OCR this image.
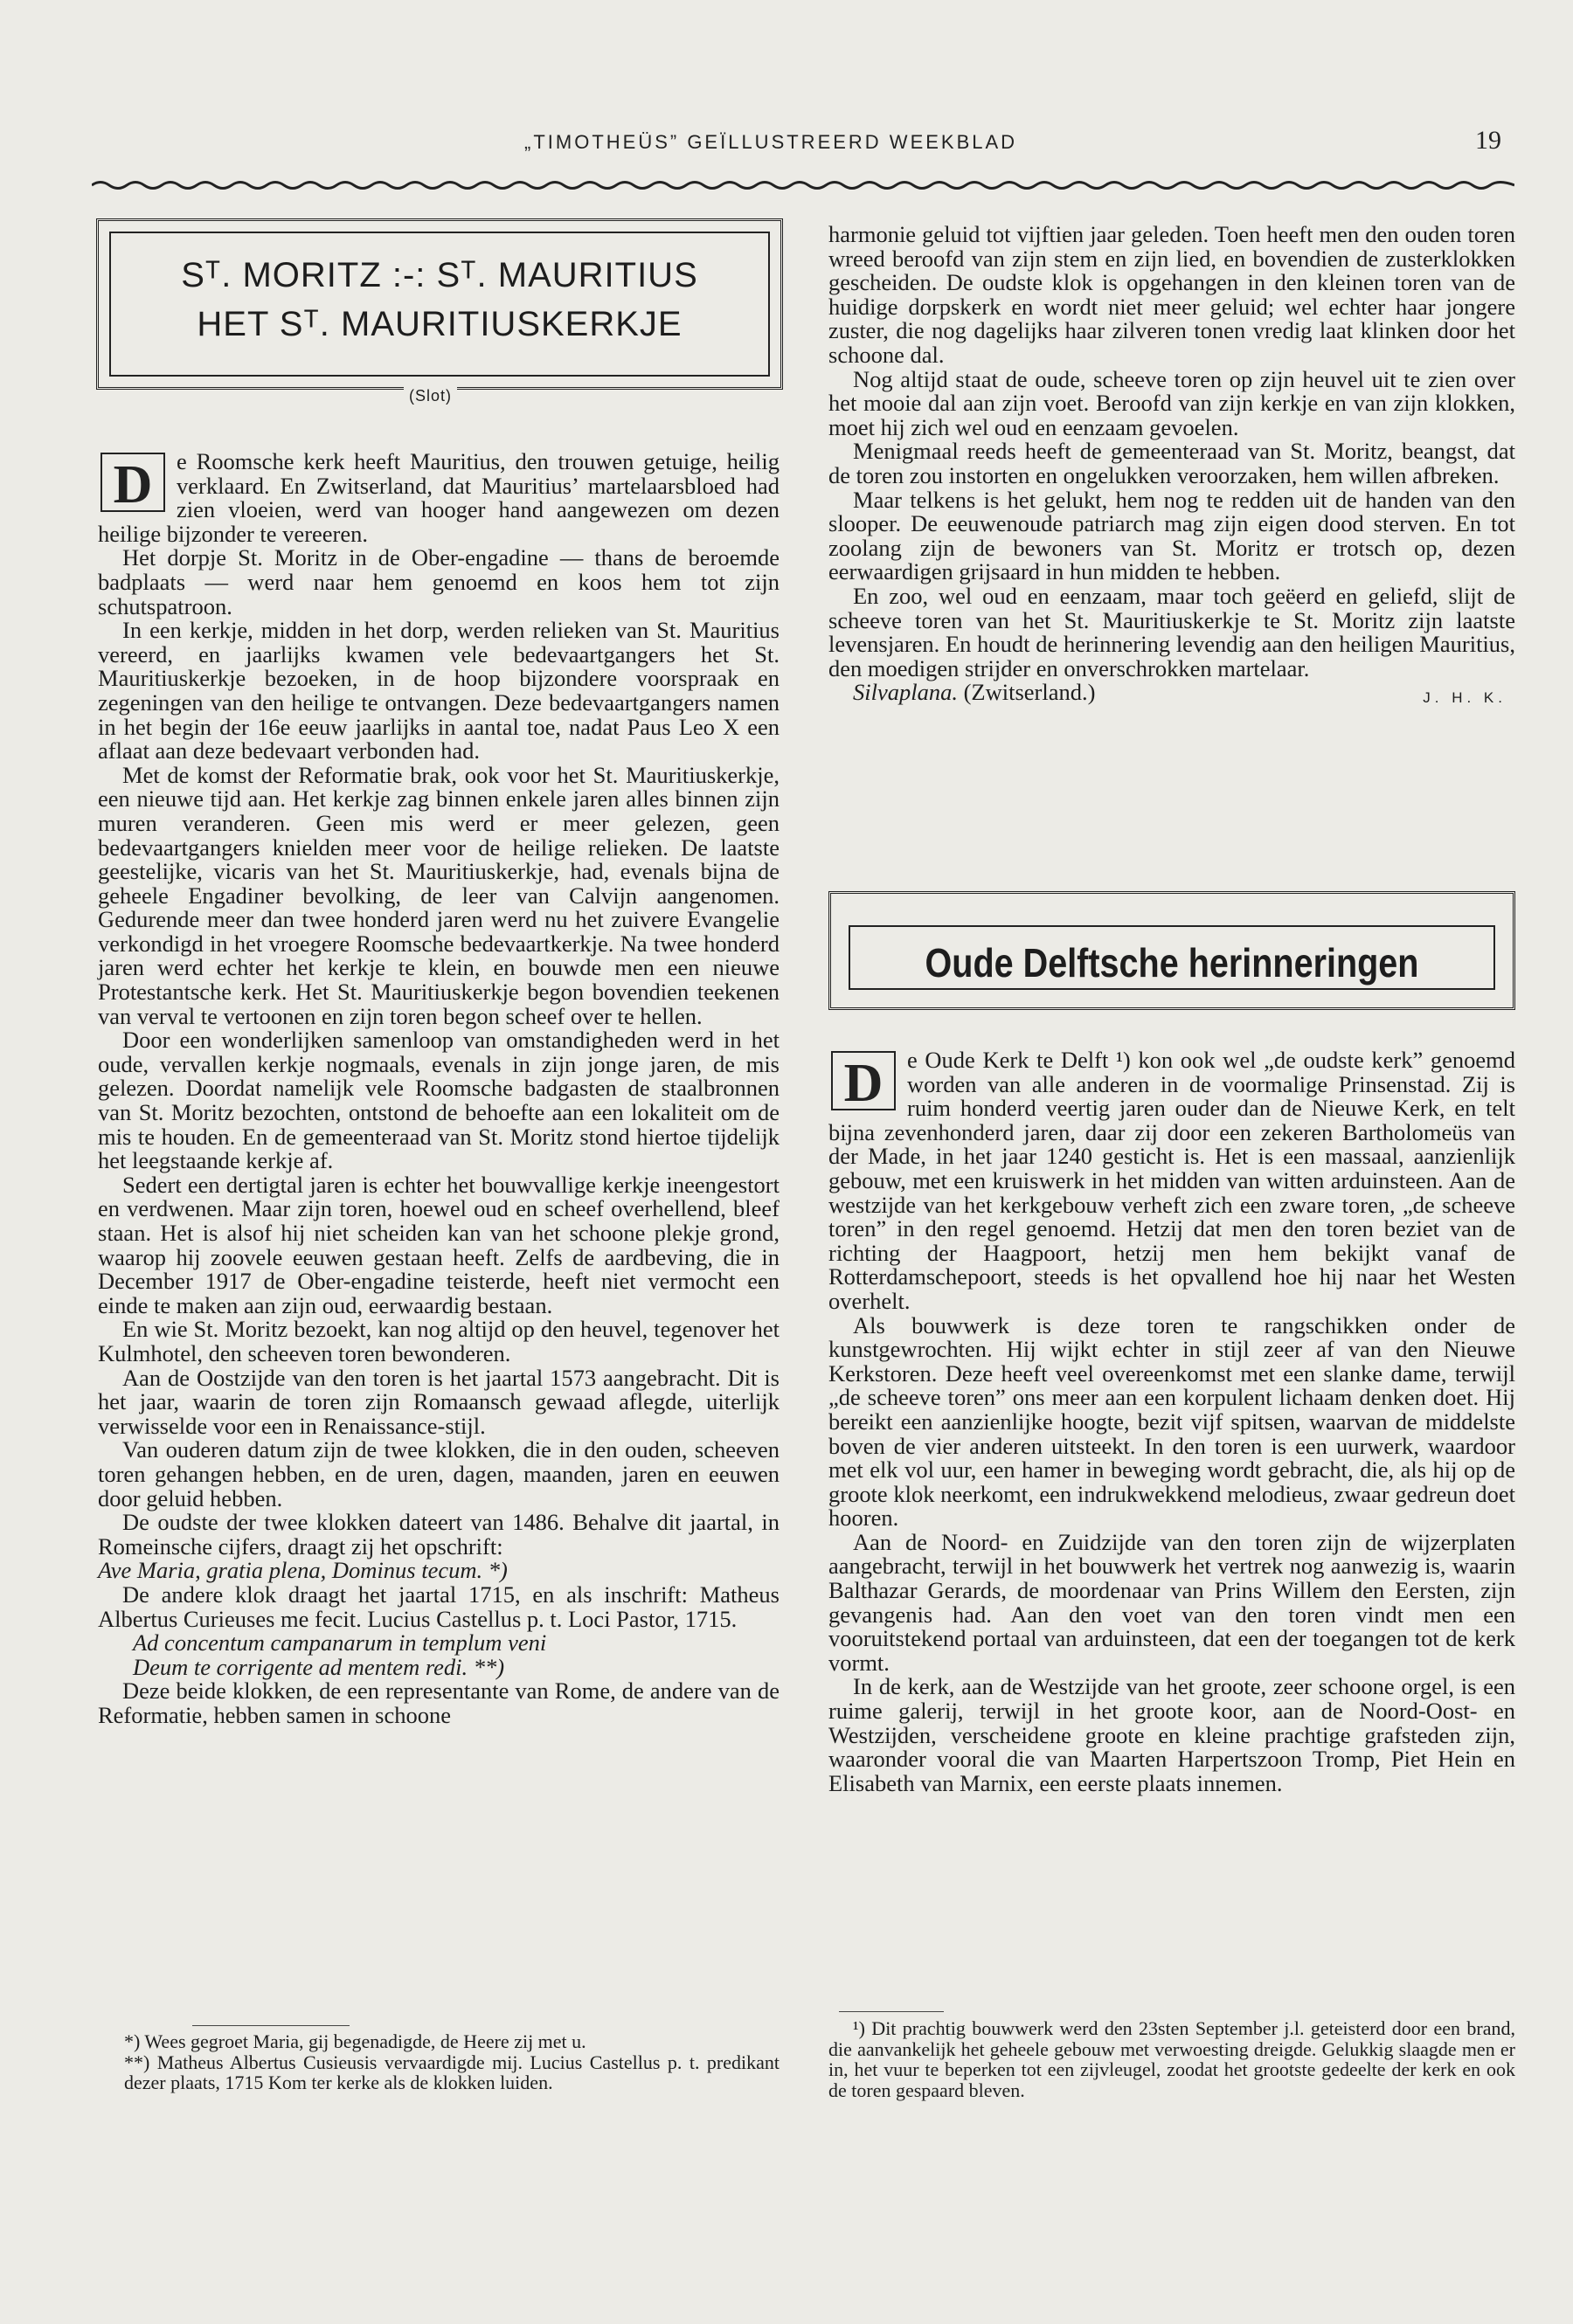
„TIMOTHEÜS” GEÏLLUSTREERD WEEKBLAD	19
Sᵀ. MORITZ :-: Sᵀ. MAURITIUS
HET Sᵀ. MAURITIUSKERKJE
(Slot)
D	e Roomsche kerk heeft Mauritius, den trouwen getuige, heilig verklaard. En Zwitserland, dat Mauritius’ martelaarsbloed had zien vloeien, werd van hooger hand aangewezen om dezen heilige bijzonder te vereeren.

Het dorpje St. Moritz in de Ober-engadine — thans de beroemde badplaats — werd naar hem genoemd en koos hem tot zijn schutspatroon.

In een kerkje, midden in het dorp, werden relieken van St. Mauritius vereerd, en jaarlijks kwamen vele bedevaartgangers het St. Mauritiuskerkje bezoeken, in de hoop bijzondere voorspraak en zegeningen van den heilige te ontvangen. Deze bedevaartgangers namen in het begin der 16e eeuw jaarlijks in aantal toe, nadat Paus Leo X een aflaat aan deze bedevaart verbonden had.

Met de komst der Reformatie brak, ook voor het St. Mauritiuskerkje, een nieuwe tijd aan. Het kerkje zag binnen enkele jaren alles binnen zijn muren veranderen. Geen mis werd er meer gelezen, geen bedevaartgangers knielden meer voor de heilige relieken. De laatste geestelijke, vicaris van het St. Mauritiuskerkje, had, evenals bijna de geheele Engadiner bevolking, de leer van Calvijn aangenomen. Gedurende meer dan twee honderd jaren werd nu het zuivere Evangelie verkondigd in het vroegere Roomsche bedevaartkerkje. Na twee honderd jaren werd echter het kerkje te klein, en bouwde men een nieuwe Protestantsche kerk. Het St. Mauritiuskerkje begon bovendien teekenen van verval te vertoonen en zijn toren begon scheef over te hellen.

Door een wonderlijken samenloop van omstandigheden werd in het oude, vervallen kerkje nogmaals, evenals in zijn jonge jaren, de mis gelezen. Doordat namelijk vele Roomsche badgasten de staalbronnen van St. Moritz bezochten, ontstond de behoefte aan een lokaliteit om de mis te houden. En de gemeenteraad van St. Moritz stond hiertoe tijdelijk het leegstaande kerkje af.

Sedert een dertigtal jaren is echter het bouwvallige kerkje ineengestort en verdwenen. Maar zijn toren, hoewel oud en scheef overhellend, bleef staan. Het is alsof hij niet scheiden kan van het schoone plekje grond, waarop hij zoovele eeuwen gestaan heeft. Zelfs de aardbeving, die in December 1917 de Ober-engadine teisterde, heeft niet vermocht een einde te maken aan zijn oud, eerwaardig bestaan.

En wie St. Moritz bezoekt, kan nog altijd op den heuvel, tegenover het Kulmhotel, den scheeven toren bewonderen.

Aan de Oostzijde van den toren is het jaartal 1573 aangebracht. Dit is het jaar, waarin de toren zijn Romaansch gewaad aflegde, uiterlijk verwisselde voor een in Renaissance-stijl.

Van ouderen datum zijn de twee klokken, die in den ouden, scheeven toren gehangen hebben, en de uren, dagen, maanden, jaren en eeuwen door geluid hebben.

De oudste der twee klokken dateert van 1486. Behalve dit jaartal, in Romeinsche cijfers, draagt zij het opschrift:

Ave Maria, gratia plena, Dominus tecum. *)

De andere klok draagt het jaartal 1715, en als inschrift: Matheus Albertus Curieuses me fecit. Lucius Castellus p. t. Loci Pastor, 1715.

Ad concentum campanarum in templum veni

Deum te corrigente ad mentem redi. **)

Deze beide klokken, de een representante van Rome, de andere van de Reformatie, hebben samen in schoone

*) Wees gegroet Maria, gij begenadigde, de Heere zij met u.

**) Matheus Albertus Cusieusis vervaardigde mij. Lucius Castellus p. t. predikant dezer plaats, 1715 Kom ter kerke als de klokken luiden.

harmonie geluid tot vijftien jaar geleden. Toen heeft men den ouden toren wreed beroofd van zijn stem en zijn lied, en bovendien de zusterklokken gescheiden. De oudste klok is opgehangen in den kleinen toren van de huidige dorpskerk en wordt niet meer geluid; wel echter haar jongere zuster, die nog dagelijks haar zilveren tonen vredig laat klinken door het schoone dal.

Nog altijd staat de oude, scheeve toren op zijn heuvel uit te zien over het mooie dal aan zijn voet. Beroofd van zijn kerkje en van zijn klokken, moet hij zich wel oud en eenzaam gevoelen.

Menigmaal reeds heeft de gemeenteraad van St. Moritz, beangst, dat de toren zou instorten en ongelukken veroorzaken, hem willen afbreken.

Maar telkens is het gelukt, hem nog te redden uit de handen van den slooper. De eeuwenoude patriarch mag zijn eigen dood sterven. En tot zoolang zijn de bewoners van St. Moritz er trotsch op, dezen eerwaardigen grijsaard in hun midden te hebben.

En zoo, wel oud en eenzaam, maar toch geëerd en geliefd, slijt de scheeve toren van het St. Mauritiuskerkje te St. Moritz zijn laatste levensjaren. En houdt de herinnering levendig aan den heiligen Mauritius, den moedigen strijder en onverschrokken martelaar.

Silvaplana. (Zwitserland.)	J. H. K.

Oude Delftsche herinneringen
D	e Oude Kerk te Delft ¹) kon ook wel „de oudste kerk” genoemd worden van alle anderen in de voormalige Prinsenstad. Zij is ruim honderd veertig jaren ouder dan de Nieuwe Kerk, en telt bijna zevenhonderd jaren, daar zij door een zekeren Bartholomeüs van der Made, in het jaar 1240 gesticht is. Het is een massaal, aanzienlijk gebouw, met een kruiswerk in het midden van witten arduinsteen. Aan de westzijde van het kerkgebouw verheft zich een zware toren, „de scheeve toren” in den regel genoemd. Hetzij dat men den toren beziet van de richting der Haagpoort, hetzij men hem bekijkt vanaf de Rotterdamschepoort, steeds is het opvallend hoe hij naar het Westen overhelt.

Als bouwwerk is deze toren te rangschikken onder de kunstgewrochten. Hij wijkt echter in stijl zeer af van den Nieuwe Kerkstoren. Deze heeft veel overeenkomst met een slanke dame, terwijl „de scheeve toren” ons meer aan een korpulent lichaam denken doet. Hij bereikt een aanzienlijke hoogte, bezit vijf spitsen, waarvan de middelste boven de vier anderen uitsteekt. In den toren is een uurwerk, waardoor met elk vol uur, een hamer in beweging wordt gebracht, die, als hij op de groote klok neerkomt, een indrukwekkend melodieus, zwaar gedreun doet hooren.

Aan de Noord- en Zuidzijde van den toren zijn de wijzerplaten aangebracht, terwijl in het bouwwerk het vertrek nog aanwezig is, waarin Balthazar Gerards, de moordenaar van Prins Willem den Eersten, zijn gevangenis had. Aan den voet van den toren vindt men een vooruitstekend portaal van arduinsteen, dat een der toegangen tot de kerk vormt.

In de kerk, aan de Westzijde van het groote, zeer schoone orgel, is een ruime galerij, terwijl in het groote koor, aan de Noord-Oost- en Westzijden, verscheidene groote en kleine prachtige grafsteden zijn, waaronder vooral die van Maarten Harpertszoon Tromp, Piet Hein en Elisabeth van Marnix, een eerste plaats innemen.

¹) Dit prachtig bouwwerk werd den 23sten September j.l. geteisterd door een brand, die aanvankelijk het geheele gebouw met verwoesting dreigde. Gelukkig slaagde men er in, het vuur te beperken tot een zijvleugel, zoodat het grootste gedeelte der kerk en ook de toren gespaard bleven.
